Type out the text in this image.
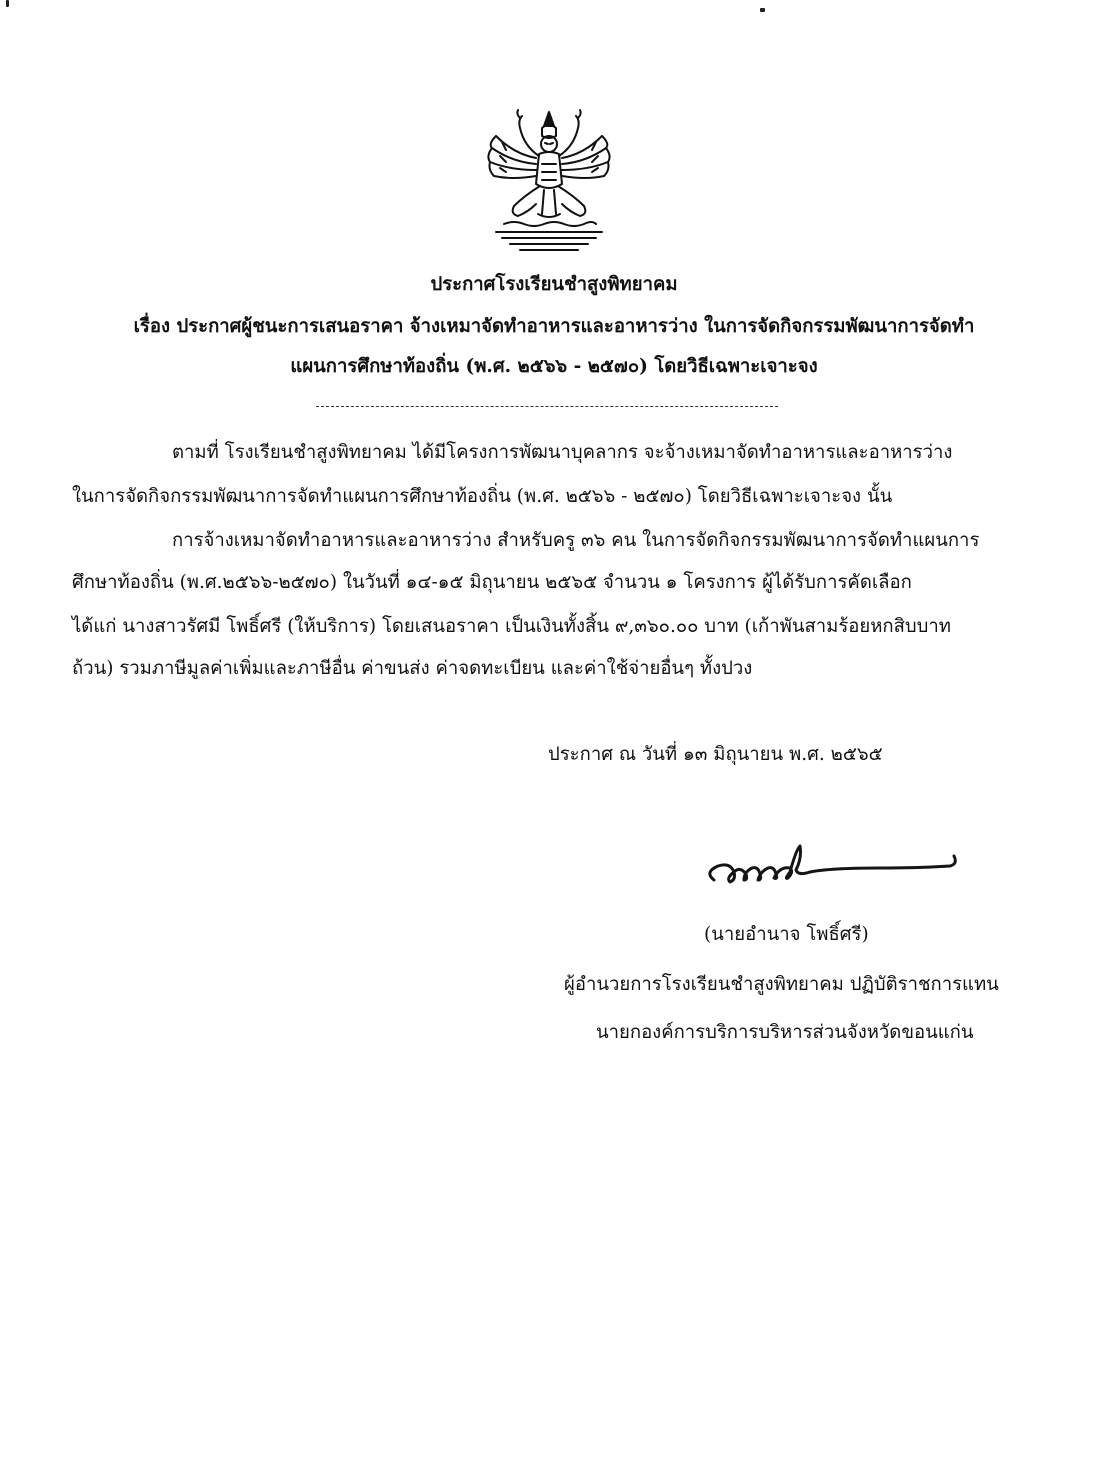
ประกาศโรงเรียนชำสูงพิทยาคม
เรื่อง ประกาศผู้ชนะการเสนอราคา จ้างเหมาจัดทำอาหารและอาหารว่าง ในการจัดกิจกรรมพัฒนาการจัดทำ
แผนการศึกษาท้องถิ่น (พ.ศ. ๒๕๖๖ - ๒๕๗๐) โดยวิธีเฉพาะเจาะจง
ตามที่ โรงเรียนชำสูงพิทยาคม ได้มีโครงการพัฒนาบุคลากร จะจ้างเหมาจัดทำอาหารและอาหารว่าง
ในการจัดกิจกรรมพัฒนาการจัดทำแผนการศึกษาท้องถิ่น (พ.ศ. ๒๕๖๖ - ๒๕๗๐) โดยวิธีเฉพาะเจาะจง นั้น
การจ้างเหมาจัดทำอาหารและอาหารว่าง สำหรับครู ๓๖ คน ในการจัดกิจกรรมพัฒนาการจัดทำแผนการ
ศึกษาท้องถิ่น (พ.ศ.๒๕๖๖-๒๕๗๐) ในวันที่ ๑๔-๑๕ มิถุนายน ๒๕๖๕ จำนวน ๑ โครงการ ผู้ได้รับการคัดเลือก
ได้แก่ นางสาวรัศมี โพธิ์ศรี (ให้บริการ) โดยเสนอราคา เป็นเงินทั้งสิ้น ๙,๓๖๐.๐๐ บาท (เก้าพันสามร้อยหกสิบบาท
ถ้วน) รวมภาษีมูลค่าเพิ่มและภาษีอื่น ค่าขนส่ง ค่าจดทะเบียน และค่าใช้จ่ายอื่นๆ ทั้งปวง
ประกาศ ณ วันที่ ๑๓ มิถุนายน พ.ศ. ๒๕๖๕
(นายอำนาจ โพธิ์ศรี)
ผู้อำนวยการโรงเรียนชำสูงพิทยาคม ปฏิบัติราชการแทน
นายกองค์การบริการบริหารส่วนจังหวัดขอนแก่น
